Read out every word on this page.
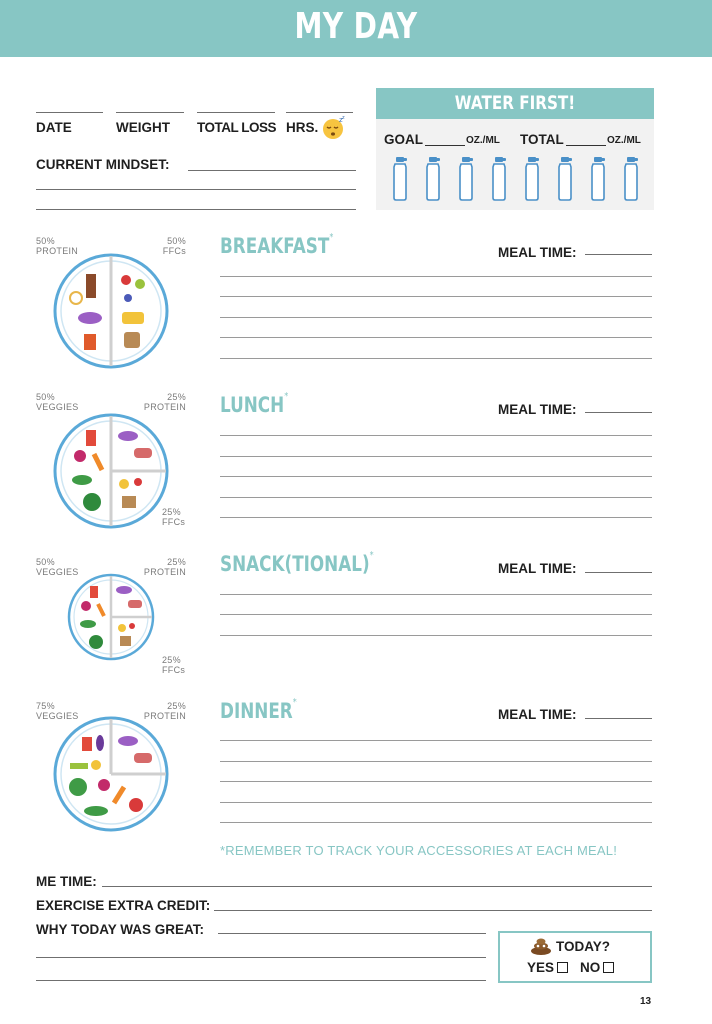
MY DAY
DATE	WEIGHT TOTAL LOSS HRS.	z z
CURRENT MINDSET:
WATER FIRST!
GOAL	OZ./ML TOTAL	OZ./ML
50%
PROTEIN
50%
FFCs BREAKFAST*
MEAL TIME:
50%
VEGGIES
25%
PROTEIN
25%
FFCs
LUNCH*
MEAL TIME:
50%
VEGGIES
25%
PROTEIN
25%
FFCs
SNACK(TIONAL)*
MEAL TIME:
75%
VEGGIES
25%
PROTEIN DINNER*
MEAL TIME:
*REMEMBER TO TRACK YOUR ACCESSORIES AT EACH MEAL!
ME TIME:
EXERCISE EXTRA CREDIT:
WHY TODAY WAS GREAT:
TODAY?
YES	NO
13
